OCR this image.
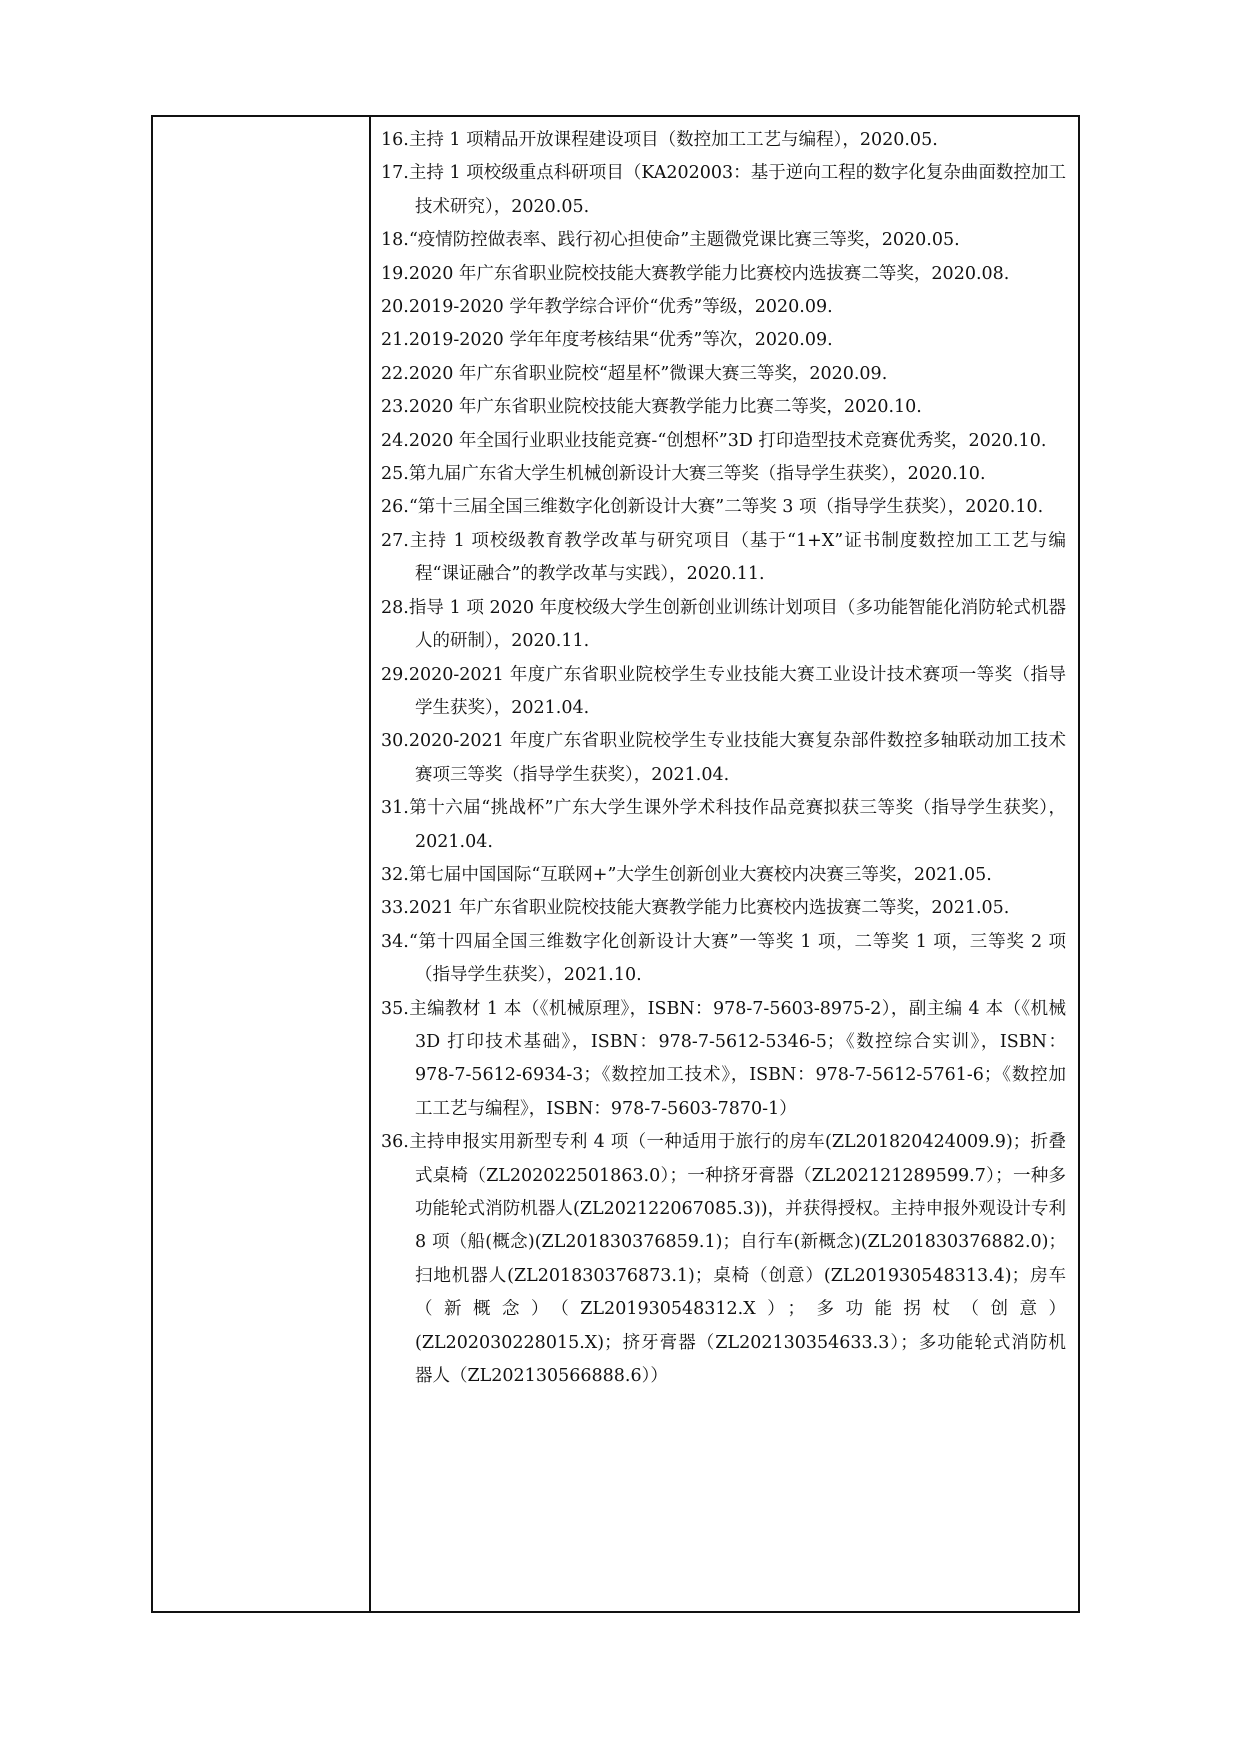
16.主持 1 项精品开放课程建设项目（数控加工工艺与编程），2020.05.

17.主持 1 项校级重点科研项目（KA202003：基于逆向工程的数字化复杂曲面数控加工技术研究），2020.05.

18.“疫情防控做表率、践行初心担使命”主题微党课比赛三等奖，2020.05.

19.2020 年广东省职业院校技能大赛教学能力比赛校内选拔赛二等奖，2020.08.

20.2019-2020 学年教学综合评价“优秀”等级，2020.09.

21.2019-2020 学年年度考核结果“优秀”等次，2020.09.

22.2020 年广东省职业院校“超星杯”微课大赛三等奖，2020.09.

23.2020 年广东省职业院校技能大赛教学能力比赛二等奖，2020.10.

24.2020 年全国行业职业技能竞赛-“创想杯”3D 打印造型技术竞赛优秀奖，2020.10.

25.第九届广东省大学生机械创新设计大赛三等奖（指导学生获奖），2020.10.

26.“第十三届全国三维数字化创新设计大赛”二等奖 3 项（指导学生获奖），2020.10.

27.主持 1 项校级教育教学改革与研究项目（基于“1+X”证书制度数控加工工艺与编程“课证融合”的教学改革与实践），2020.11.

28.指导 1 项 2020 年度校级大学生创新创业训练计划项目（多功能智能化消防轮式机器人的研制），2020.11.

29.2020-2021 年度广东省职业院校学生专业技能大赛工业设计技术赛项一等奖（指导学生获奖），2021.04.

30.2020-2021 年度广东省职业院校学生专业技能大赛复杂部件数控多轴联动加工技术赛项三等奖（指导学生获奖），2021.04.

31.第十六届“挑战杯”广东大学生课外学术科技作品竞赛拟获三等奖（指导学生获奖），2021.04.

32.第七届中国国际“互联网+”大学生创新创业大赛校内决赛三等奖，2021.05.

33.2021 年广东省职业院校技能大赛教学能力比赛校内选拔赛二等奖，2021.05.

34.“第十四届全国三维数字化创新设计大赛”一等奖 1 项，二等奖 1 项，三等奖 2 项（指导学生获奖），2021.10.

35.主编教材 1 本（《机械原理》，ISBN：978-7-5603-8975-2），副主编 4 本（《机械 3D 打印技术基础》，ISBN：978-7-5612-5346-5；《数控综合实训》，ISBN：978-7-5612-6934-3；《数控加工技术》，ISBN：978-7-5612-5761-6；《数控加工工艺与编程》，ISBN：978-7-5603-7870-1）

36.主持申报实用新型专利 4 项（一种适用于旅行的房车(ZL201820424009.9)；折叠式桌椅（ZL202022501863.0）；一种挤牙膏器（ZL202121289599.7）；一种多功能轮式消防机器人(ZL202122067085.3))，并获得授权。主持申报外观设计专利 8 项（船(概念)(ZL201830376859.1)；自行车(新概念)(ZL201830376882.0)；扫地机器人(ZL201830376873.1)；桌椅（创意）(ZL201930548313.4)；房车（新概念）（ZL201930548312.X）；多功能拐杖（创意）(ZL202030228015.X)；挤牙膏器（ZL202130354633.3）；多功能轮式消防机器人（ZL202130566888.6））
